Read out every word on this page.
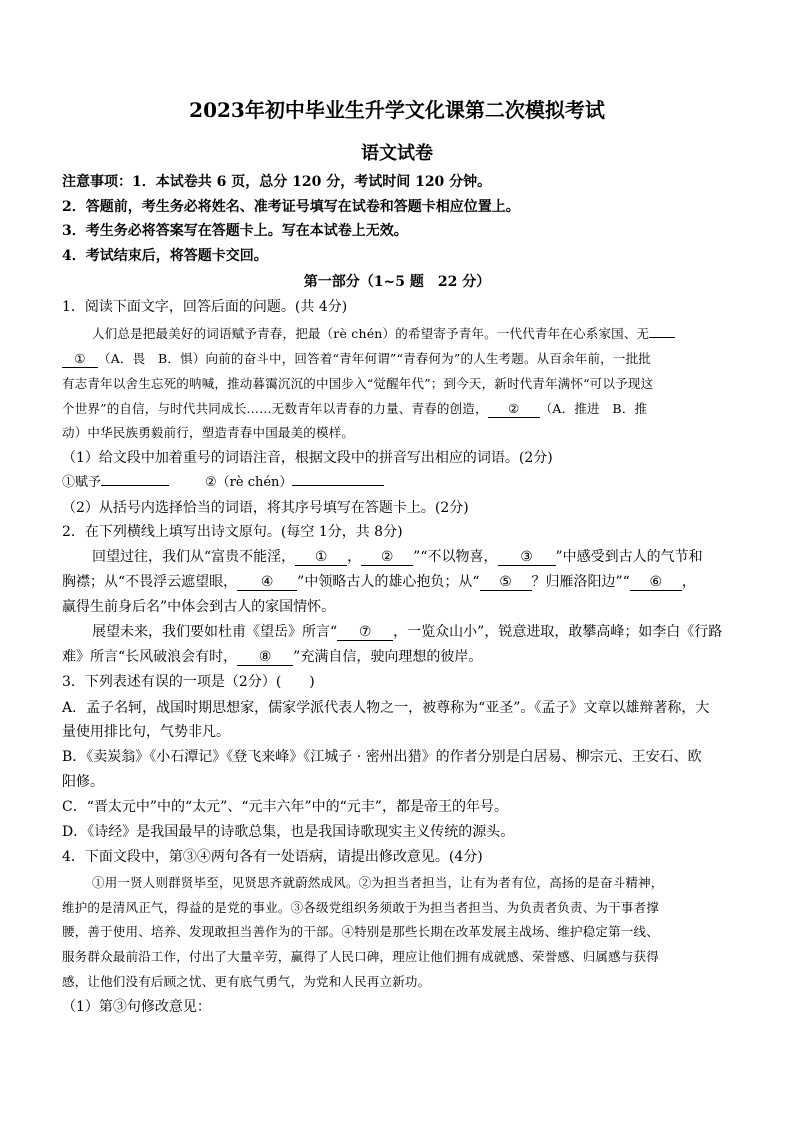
2023年初中毕业生升学文化课第二次模拟考试
语文试卷
注意事项：1．本试卷共 6 页，总分 120 分，考试时间 120 分钟。
2．答题前，考生务必将姓名、准考证号填写在试卷和答题卡相应位置上。
3．考生务必将答案写在答题卡上。写在本试卷上无效。
4．考试结束后，将答题卡交回。
第一部分（1~5 题　22 分）
1．阅读下面文字，回答后面的问题。(共 4分)
人们总是把最美好的词语赋予青春，把最（rè chén）的希望寄予青年。一代代青年在心系家国、无
① （A．畏　B．惧）向前的奋斗中，回答着“青年何谓”“青春何为”的人生考题。从百余年前，一批批
有志青年以舍生忘死的呐喊，推动暮霭沉沉的中国步入“觉醒年代”；到今天，新时代青年满怀“可以予现这
个世界”的自信，与时代共同成长……无数青年以青春的力量、青春的创造， ② （A．推进　B．推
动）中华民族勇毅前行，塑造青春中国最美的模样。
（1）给文段中加着重号的词语注音，根据文段中的拼音写出相应的词语。(2分)
①赋予	②（rè chén）
（2）从括号内选择恰当的词语，将其序号填写在答题卡上。(2分)
2．在下列横线上填写出诗文原句。(每空 1分，共 8分)
回望过往，我们从“富贵不能淫， ① ， ② ”“不以物喜， ③ ”中感受到古人的气节和
胸襟；从“不畏浮云遮望眼， ④ ”中领略古人的雄心抱负；从“ ⑤ ？归雁洛阳边”“ ⑥ ，
赢得生前身后名”中体会到古人的家国情怀。
展望未来，我们要如杜甫《望岳》所言“ ⑦ ，一览众山小”，锐意进取，敢攀高峰；如李白《行路
难》所言“长风破浪会有时， ⑧ ”充满自信，驶向理想的彼岸。
3．下列表述有误的一项是（2分）(　　)
A．孟子名轲，战国时期思想家，儒家学派代表人物之一，被尊称为“亚圣”。《孟子》文章以雄辩著称，大
量使用排比句，气势非凡。
B．《卖炭翁》《小石潭记》《登飞来峰》《江城子 · 密州出猎》的作者分别是白居易、柳宗元、王安石、欧
阳修。
C．“晋太元中”中的“太元”、“元丰六年”中的“元丰”，都是帝王的年号。
D．《诗经》是我国最早的诗歌总集，也是我国诗歌现实主义传统的源头。
4．下面文段中，第③④两句各有一处语病，请提出修改意见。(4分)
①用一贤人则群贤毕至，见贤思齐就蔚然成风。②为担当者担当，让有为者有位，高扬的是奋斗精神，
维护的是清风正气，得益的是党的事业。③各级党组织务须敢于为担当者担当、为负责者负责、为干事者撑
腰，善于使用、培养、发现敢担当善作为的干部。④特别是那些长期在改革发展主战场、维护稳定第一线、
服务群众最前沿工作，付出了大量辛劳，赢得了人民口碑，理应让他们拥有成就感、荣誉感、归属感与获得
感，让他们没有后顾之忧、更有底气勇气，为党和人民再立新功。
（1）第③句修改意见：
